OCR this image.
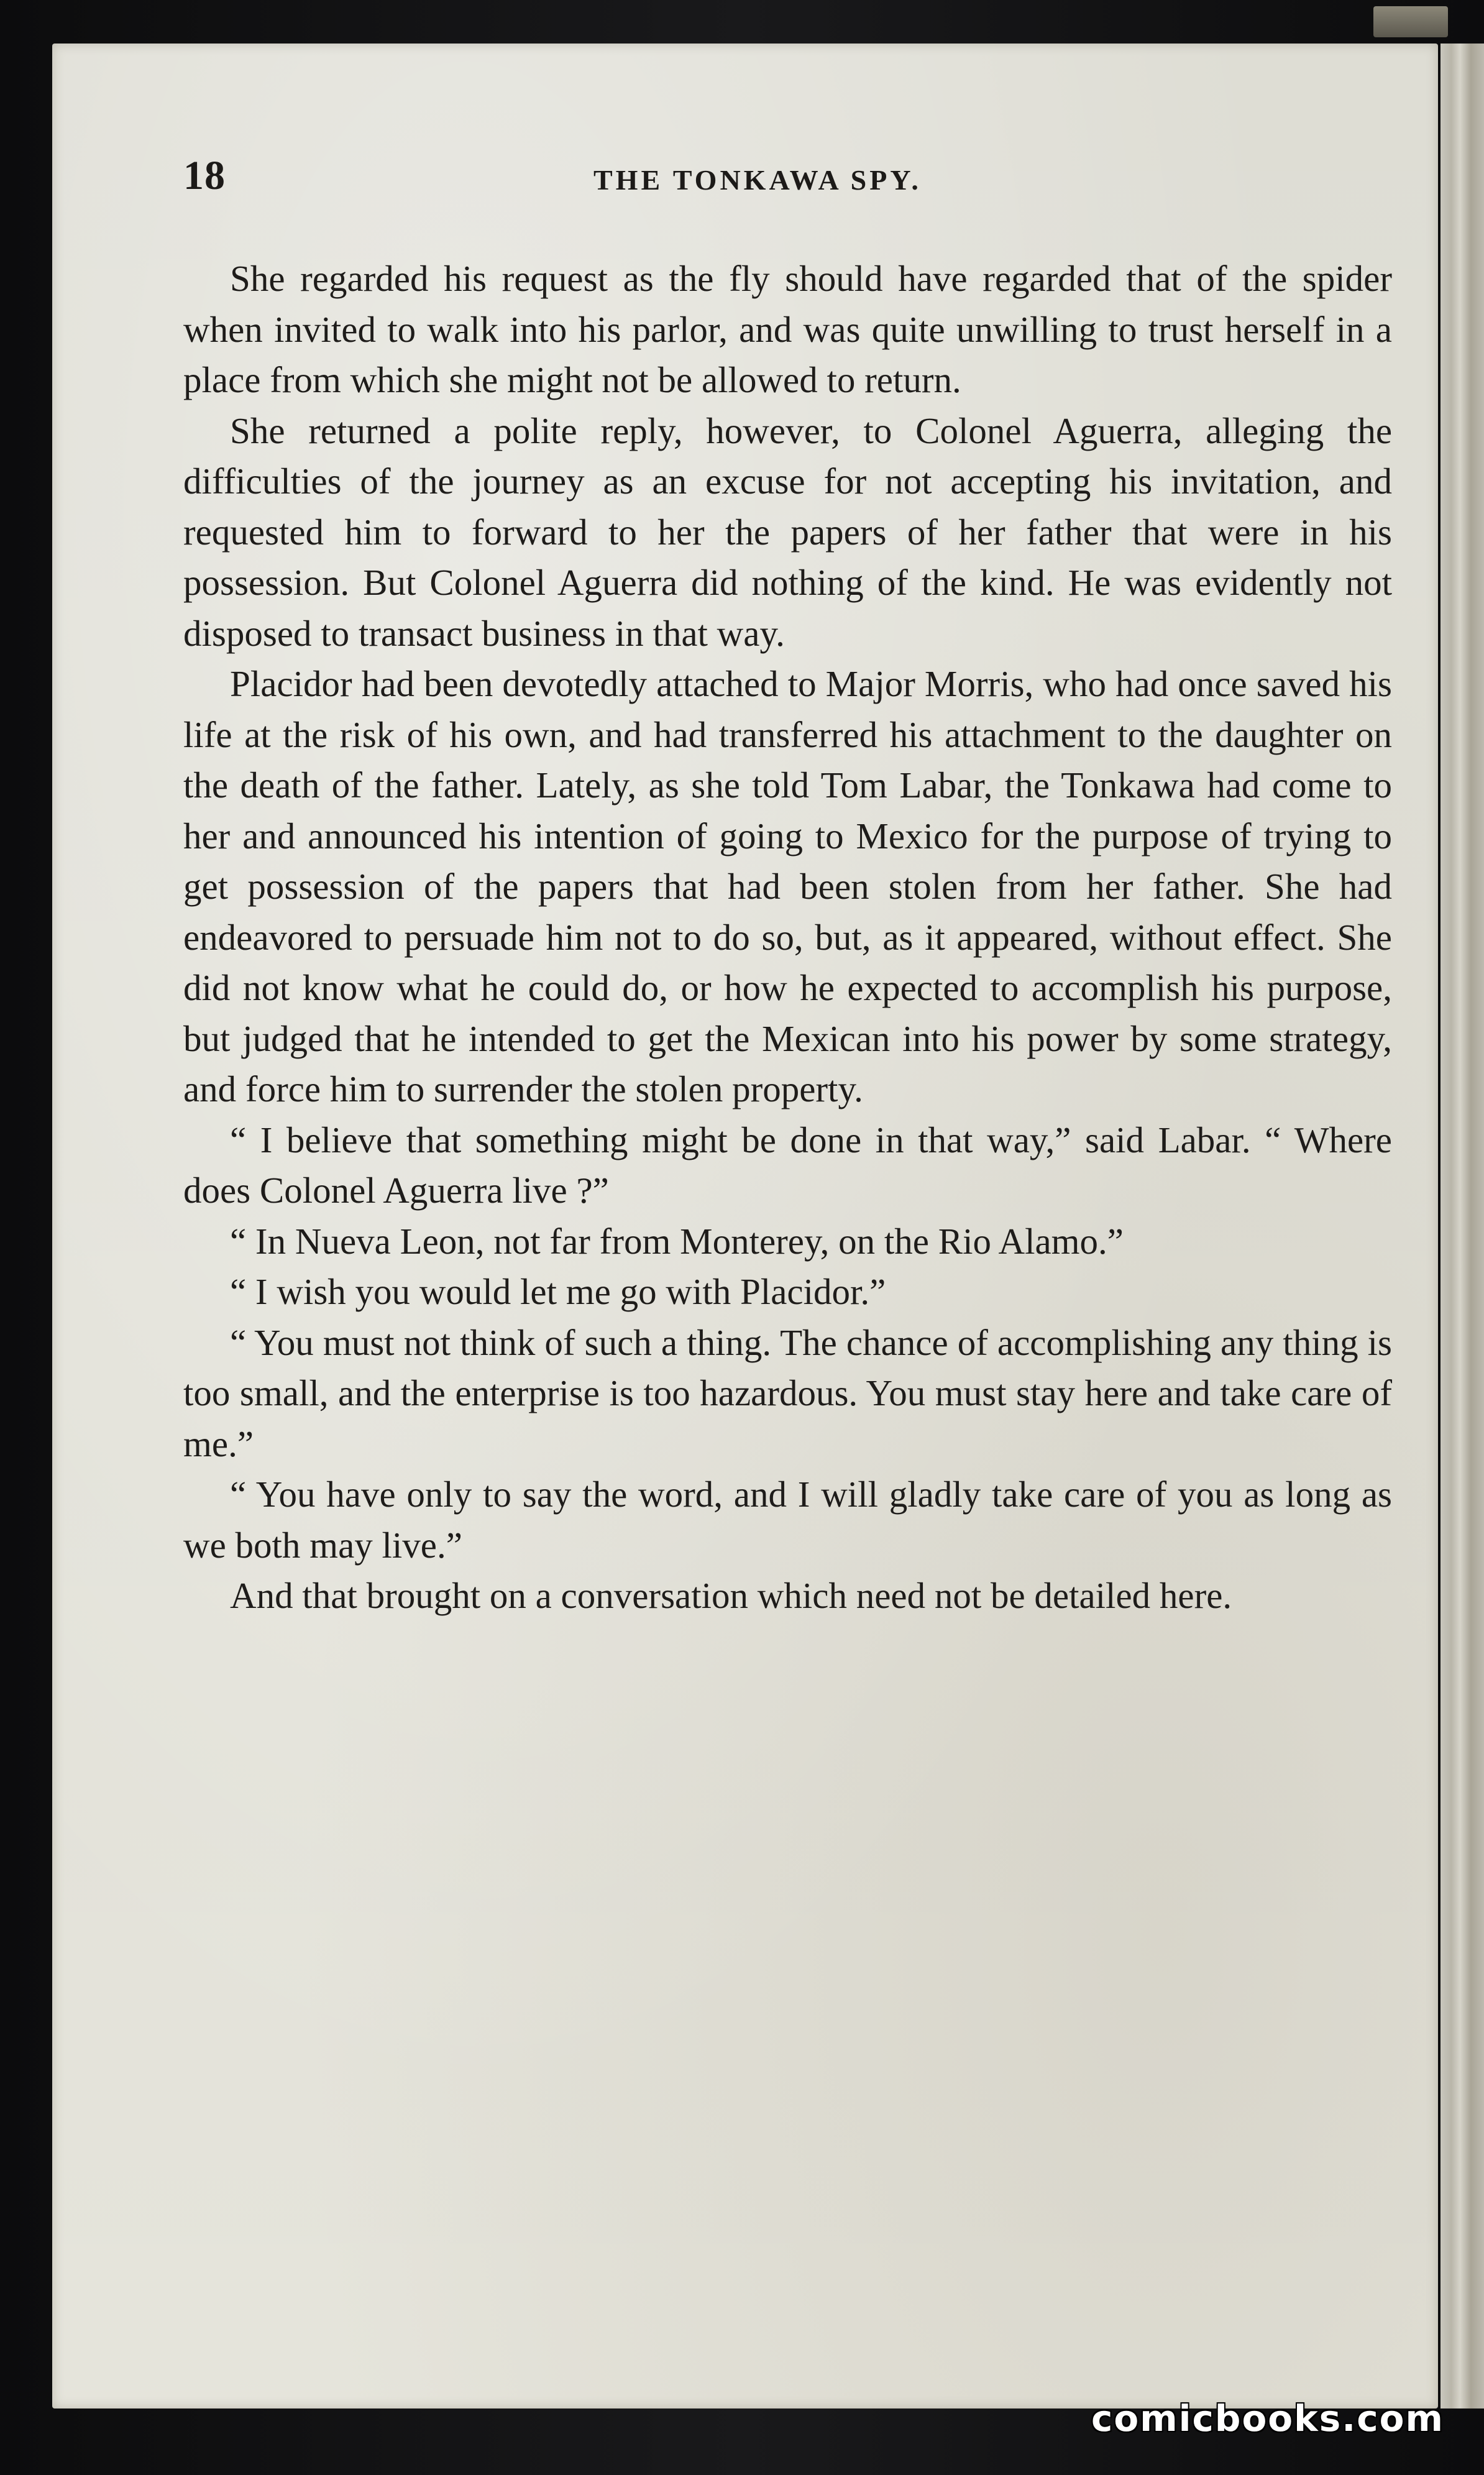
18	THE TONKAWA SPY.

She regarded his request as the fly should have regarded that of the spider when invited to walk into his parlor, and was quite unwilling to trust herself in a place from which she might not be allowed to return.

She returned a polite reply, however, to Colonel Aguerra, alleging the difficulties of the journey as an excuse for not accepting his invitation, and requested him to forward to her the papers of her father that were in his possession. But Colonel Aguerra did nothing of the kind. He was evidently not disposed to transact business in that way.

Placidor had been devotedly attached to Major Morris, who had once saved his life at the risk of his own, and had transferred his attachment to the daughter on the death of the father. Lately, as she told Tom Labar, the Tonkawa had come to her and announced his intention of going to Mexico for the purpose of trying to get possession of the papers that had been stolen from her father. She had endeavored to persuade him not to do so, but, as it appeared, without effect. She did not know what he could do, or how he expected to accomplish his purpose, but judged that he intended to get the Mexican into his power by some strategy, and force him to surrender the stolen property.

“ I believe that something might be done in that way,” said Labar. “ Where does Colonel Aguerra live ?”

“ In Nueva Leon, not far from Monterey, on the Rio Alamo.”

“ I wish you would let me go with Placidor.”

“ You must not think of such a thing. The chance of accomplishing any thing is too small, and the enterprise is too hazardous. You must stay here and take care of me.”

“ You have only to say the word, and I will gladly take care of you as long as we both may live.”

And that brought on a conversation which need not be detailed here.

comicbooks.com
